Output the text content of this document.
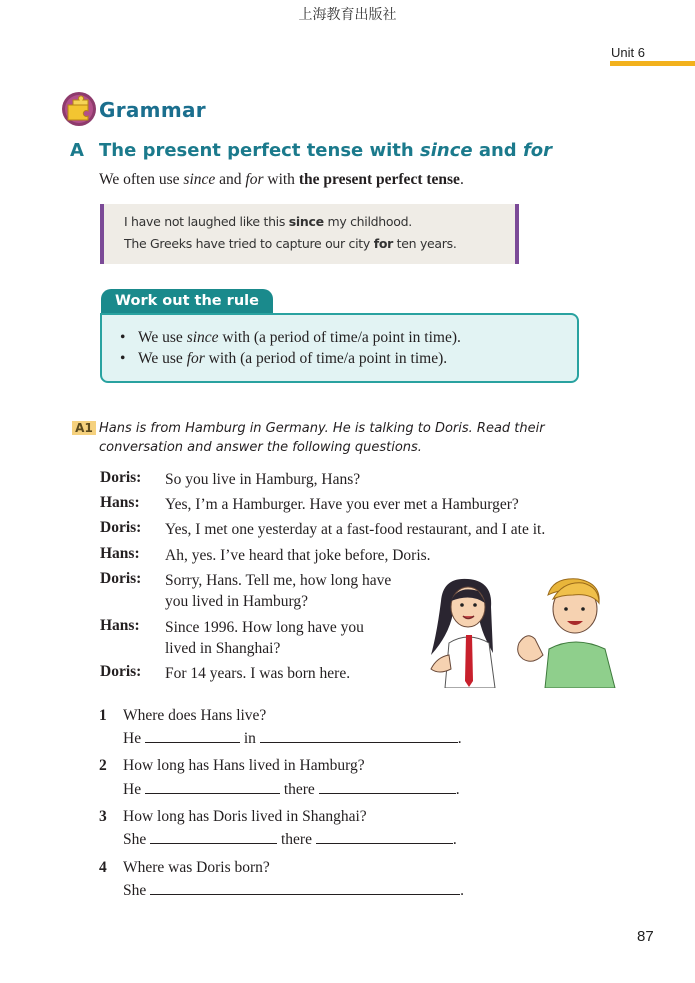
上海教育出版社
Unit 6
Grammar
A The present perfect tense with since and for
We often use since and for with the present perfect tense.
I have not laughed like this since my childhood.
The Greeks have tried to capture our city for ten years.
Work out the rule
• We use since with (a period of time/a point in time).
• We use for with (a period of time/a point in time).
A1 Hans is from Hamburg in Germany. He is talking to Doris. Read their conversation and answer the following questions.
Doris: So you live in Hamburg, Hans?
Hans: Yes, I’m a Hamburger. Have you ever met a Hamburger?
Doris: Yes, I met one yesterday at a fast-food restaurant, and I ate it.
Hans: Ah, yes. I’ve heard that joke before, Doris.
Doris: Sorry, Hans. Tell me, how long have you lived in Hamburg?
Hans: Since 1996. How long have you lived in Shanghai?
Doris: For 14 years. I was born here.
1 Where does Hans live?
He	in	.
2 How long has Hans lived in Hamburg?
He	there	.
3 How long has Doris lived in Shanghai?
She	there	.
4 Where was Doris born?
She	.
87
